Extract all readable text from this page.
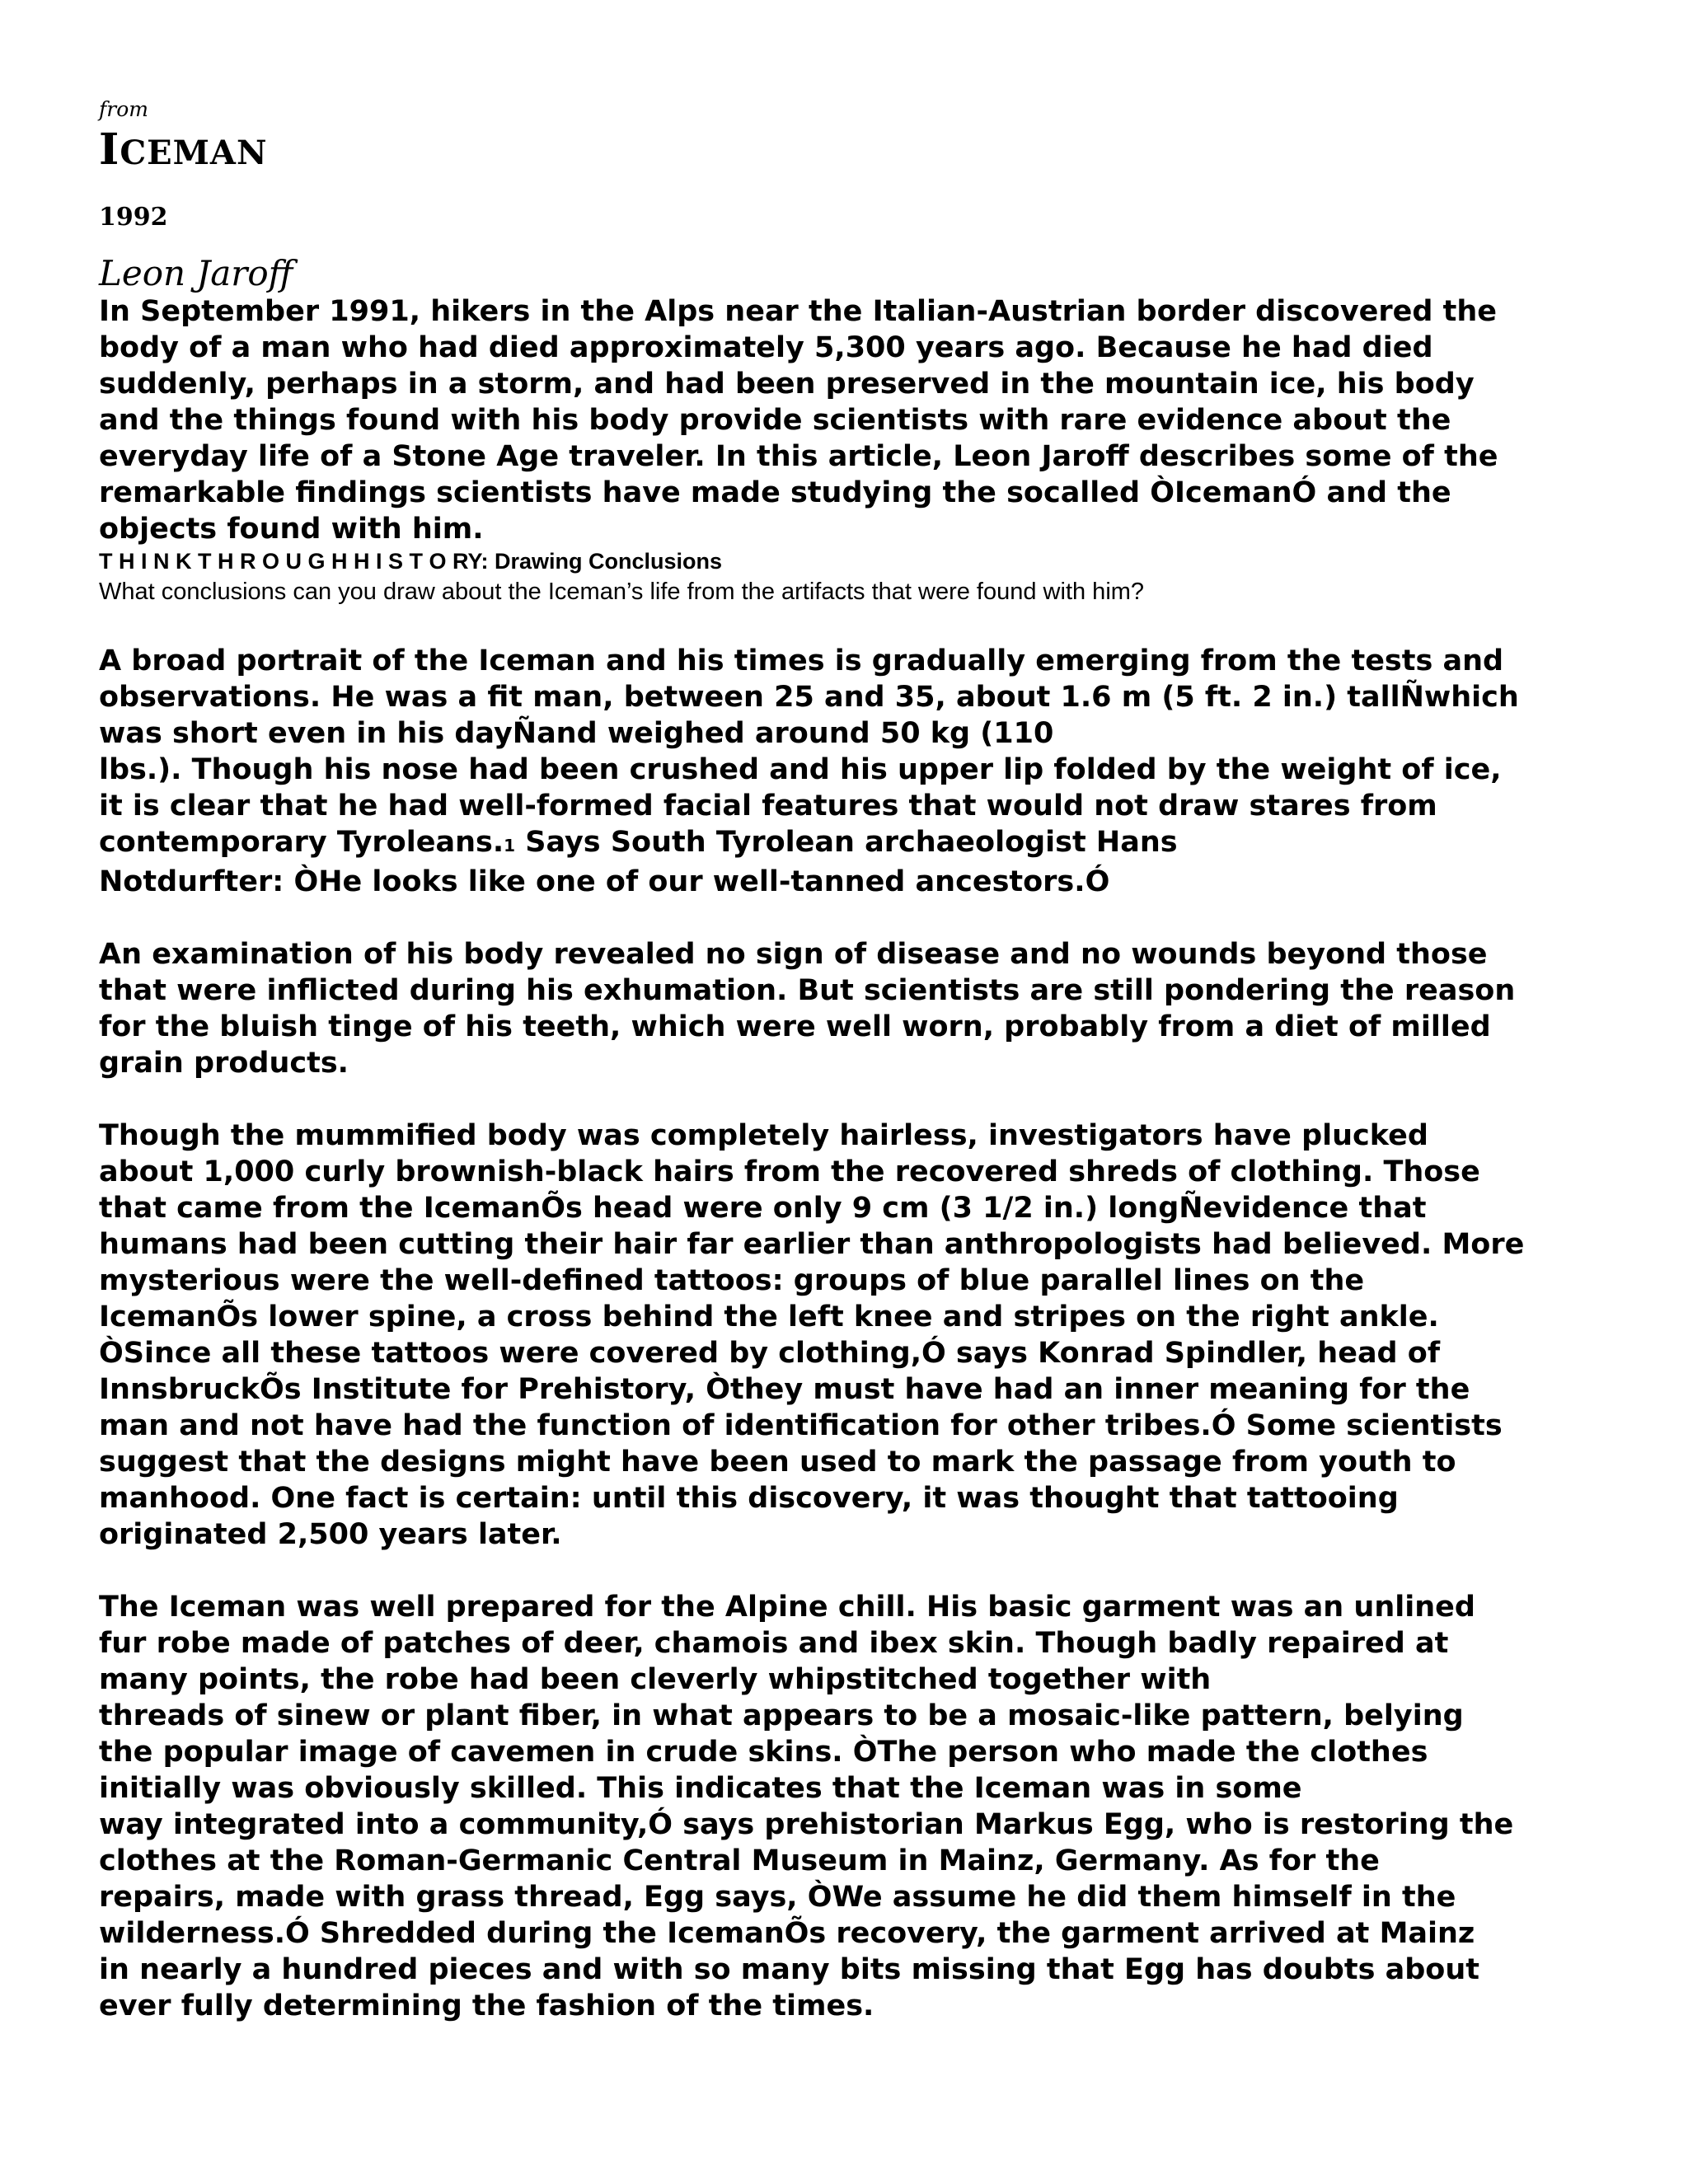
from

ICEMAN

1992

Leon Jaroff

In September 1991, hikers in the Alps near the Italian-Austrian border discovered the
body of a man who had died approximately 5,300 years ago. Because he had died
suddenly, perhaps in a storm, and had been preserved in the mountain ice, his body
and the things found with his body provide scientists with rare evidence about the
everyday life of a Stone Age traveler. In this article, Leon Jaroff describes some of the
remarkable findings scientists have made studying the socalled ÒIcemanÓ and the
objects found with him.

T H I N K T H R O U G H H I S T O RY: Drawing Conclusions

What conclusions can you draw about the Iceman’s life from the artifacts that were found with him?

A broad portrait of the Iceman and his times is gradually emerging from the tests and
observations. He was a fit man, between 25 and 35, about 1.6 m (5 ft. 2 in.) tallÑwhich
was short even in his dayÑand weighed around 50 kg (110
lbs.). Though his nose had been crushed and his upper lip folded by the weight of ice,
it is clear that he had well-formed facial features that would not draw stares from
contemporary Tyroleans.1 Says South Tyrolean archaeologist Hans
Notdurfter: ÒHe looks like one of our well-tanned ancestors.Ó

An examination of his body revealed no sign of disease and no wounds beyond those
that were inflicted during his exhumation. But scientists are still pondering the reason
for the bluish tinge of his teeth, which were well worn, probably from a diet of milled
grain products.

Though the mummified body was completely hairless, investigators have plucked
about 1,000 curly brownish-black hairs from the recovered shreds of clothing. Those
that came from the IcemanÕs head were only 9 cm (3 1/2 in.) longÑevidence that
humans had been cutting their hair far earlier than anthropologists had believed. More
mysterious were the well-defined tattoos: groups of blue parallel lines on the
IcemanÕs lower spine, a cross behind the left knee and stripes on the right ankle.
ÒSince all these tattoos were covered by clothing,Ó says Konrad Spindler, head of
InnsbruckÕs Institute for Prehistory, Òthey must have had an inner meaning for the
man and not have had the function of identification for other tribes.Ó Some scientists
suggest that the designs might have been used to mark the passage from youth to
manhood. One fact is certain: until this discovery, it was thought that tattooing
originated 2,500 years later.

The Iceman was well prepared for the Alpine chill. His basic garment was an unlined
fur robe made of patches of deer, chamois and ibex skin. Though badly repaired at
many points, the robe had been cleverly whipstitched together with
threads of sinew or plant fiber, in what appears to be a mosaic-like pattern, belying
the popular image of cavemen in crude skins. ÒThe person who made the clothes
initially was obviously skilled. This indicates that the Iceman was in some
way integrated into a community,Ó says prehistorian Markus Egg, who is restoring the
clothes at the Roman-Germanic Central Museum in Mainz, Germany. As for the
repairs, made with grass thread, Egg says, ÒWe assume he did them himself in the
wilderness.Ó Shredded during the IcemanÕs recovery, the garment arrived at Mainz
in nearly a hundred pieces and with so many bits missing that Egg has doubts about
ever fully determining the fashion of the times.
